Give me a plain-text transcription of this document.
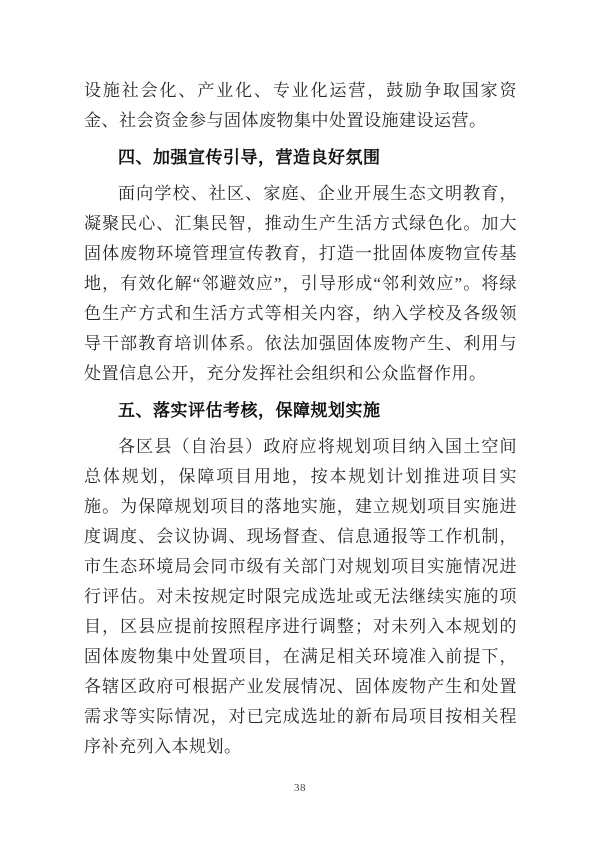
设施社会化、产业化、专业化运营，鼓励争取国家资金、社会资金参与固体废物集中处置设施建设运营。

四、加强宣传引导，营造良好氛围

面向学校、社区、家庭、企业开展生态文明教育，凝聚民心、汇集民智，推动生产生活方式绿色化。加大固体废物环境管理宣传教育，打造一批固体废物宣传基地，有效化解“邻避效应”，引导形成“邻利效应”。将绿色生产方式和生活方式等相关内容，纳入学校及各级领导干部教育培训体系。依法加强固体废物产生、利用与处置信息公开，充分发挥社会组织和公众监督作用。

五、落实评估考核，保障规划实施

各区县（自治县）政府应将规划项目纳入国土空间总体规划，保障项目用地，按本规划计划推进项目实施。为保障规划项目的落地实施，建立规划项目实施进度调度、会议协调、现场督查、信息通报等工作机制，市生态环境局会同市级有关部门对规划项目实施情况进行评估。对未按规定时限完成选址或无法继续实施的项目，区县应提前按照程序进行调整；对未列入本规划的固体废物集中处置项目，在满足相关环境准入前提下，各辖区政府可根据产业发展情况、固体废物产生和处置需求等实际情况，对已完成选址的新布局项目按相关程序补充列入本规划。

38
